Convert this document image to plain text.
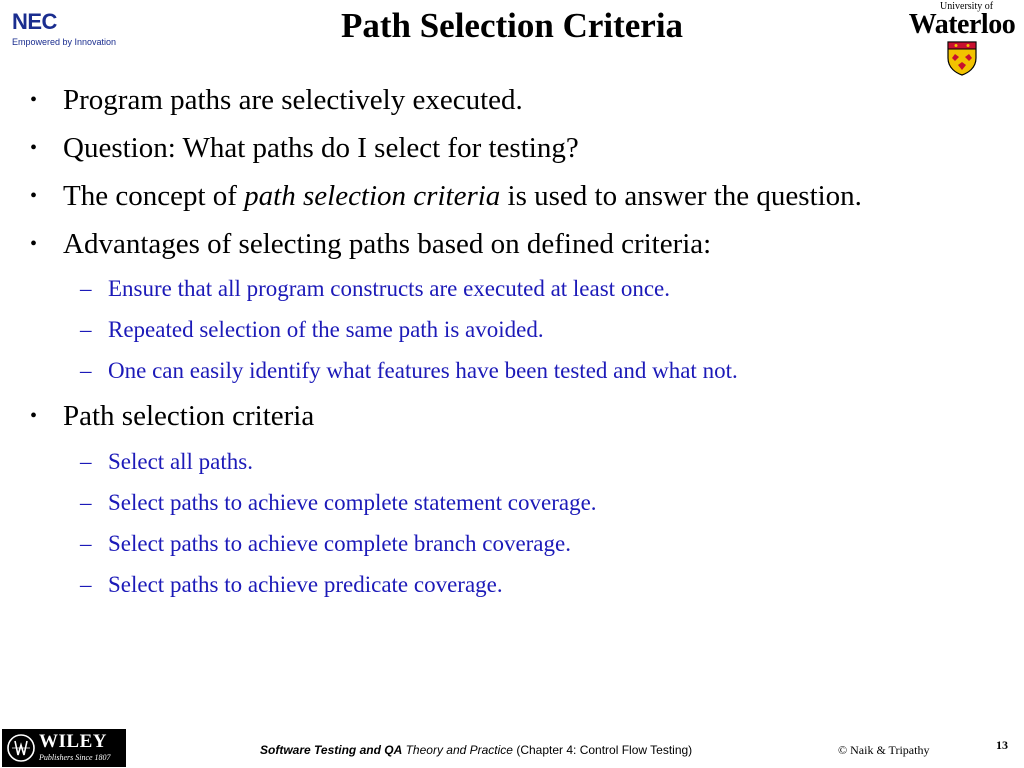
NEC
Empowered by Innovation	Path Selection Criteria	University of
Waterloo
• Program paths are selectively executed.
• Question: What paths do I select for testing?
• The concept of path selection criteria is used to answer the question.
• Advantages of selecting paths based on defined criteria:
– Ensure that all program constructs are executed at least once.
– Repeated selection of the same path is avoided.
– One can easily identify what features have been tested and what not.
• Path selection criteria
– Select all paths.
– Select paths to achieve complete statement coverage.
– Select paths to achieve complete branch coverage.
– Select paths to achieve predicate coverage.
WILEY
Publishers Since 1807
Software Testing and QA Theory and Practice (Chapter 4: Control Flow Testing)	© Naik & Tripathy	13
